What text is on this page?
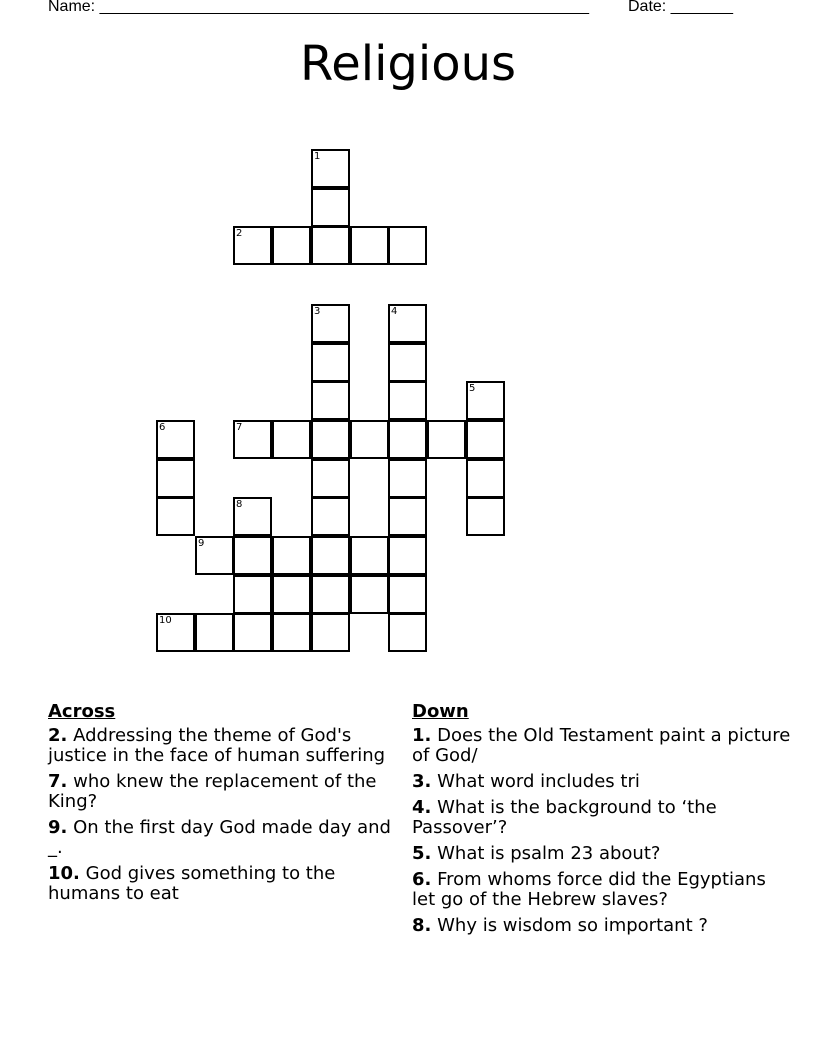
Name: _______________________________________________________ Date: _______
Religious
1
2
3	4
5
6	7
8
9
10
Across
2. Addressing the theme of God's justice in the face of human suffering
7. who knew the replacement of the King?
9. On the first day God made day and _.
10. God gives something to the humans to eat
Down
1. Does the Old Testament paint a picture of God/
3. What word includes tri
4. What is the background to ‘the Passover’?
5. What is psalm 23 about?
6. From whoms force did the Egyptians let go of the Hebrew slaves?
8. Why is wisdom so important ?
